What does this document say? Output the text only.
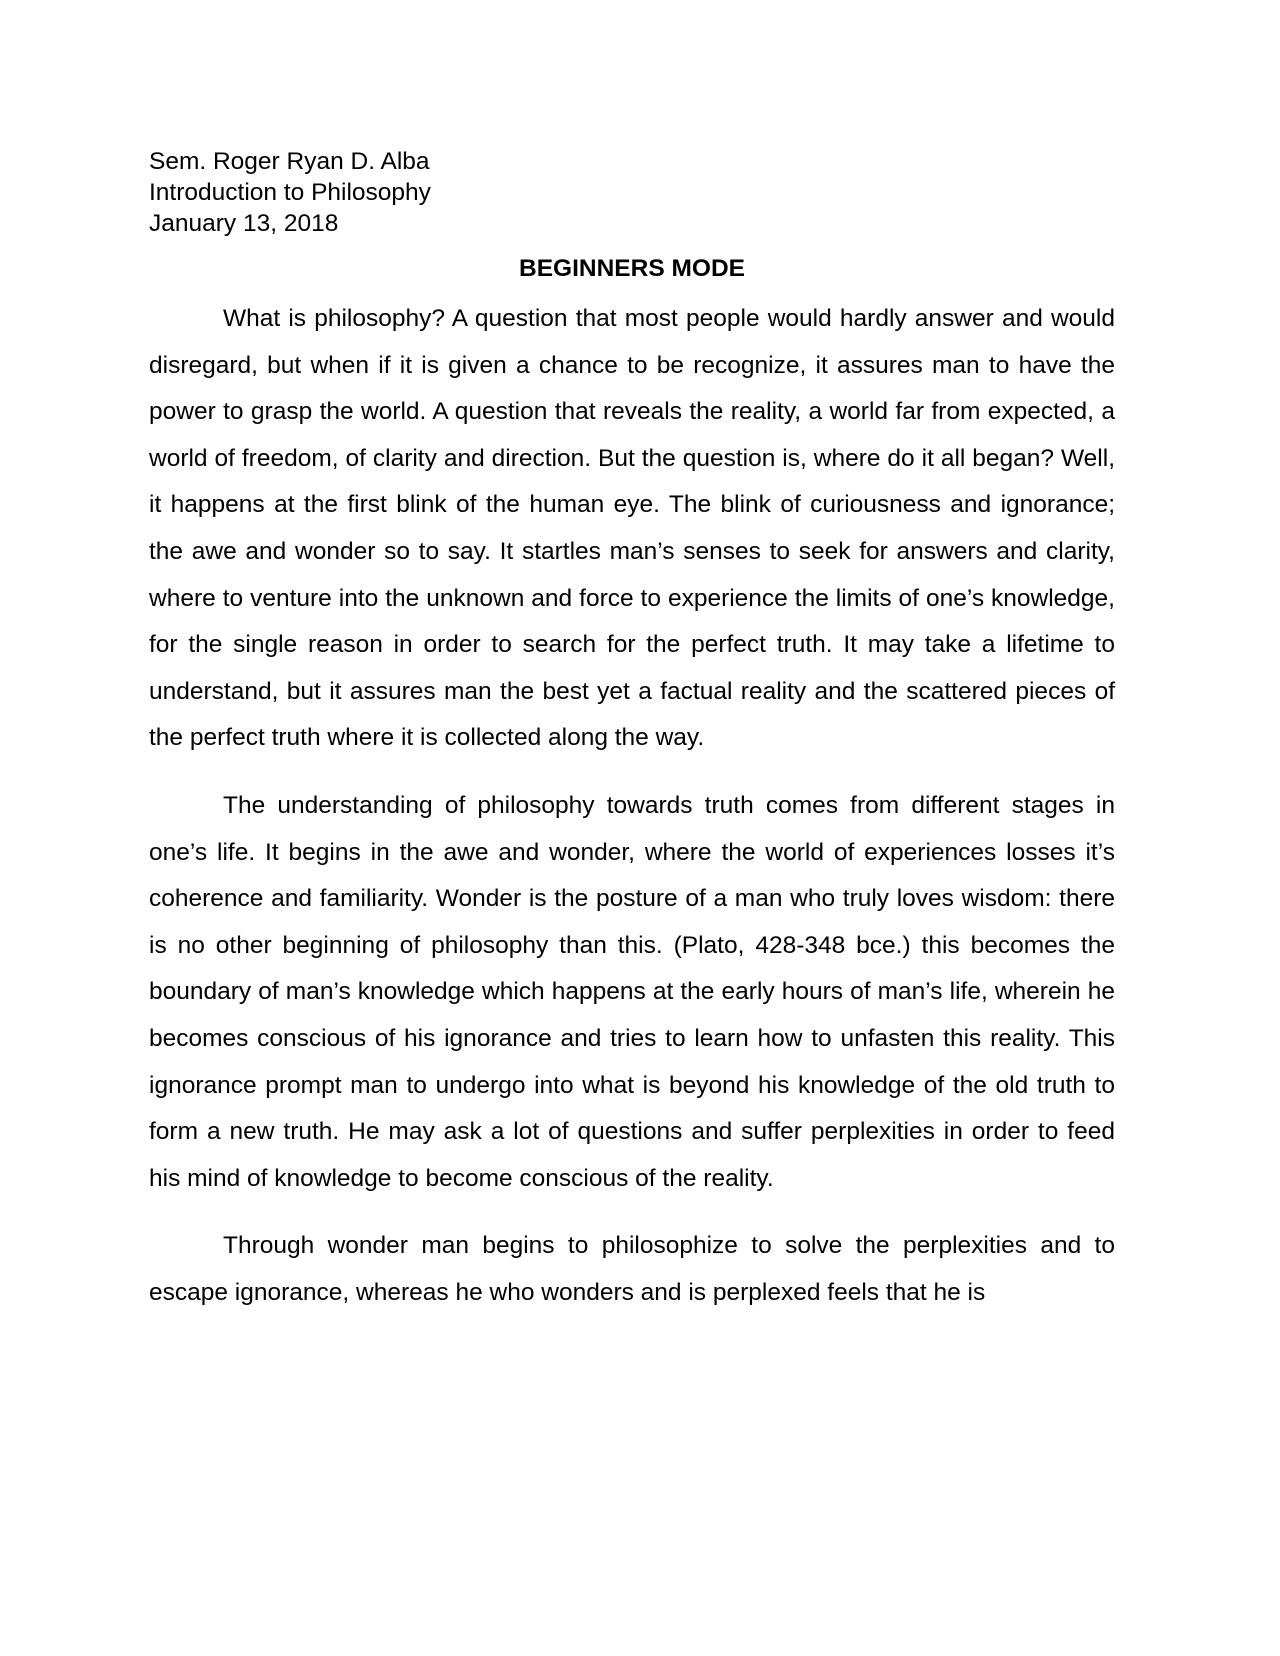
Sem. Roger Ryan D. Alba

Introduction to Philosophy

January 13, 2018

BEGINNERS MODE

What is philosophy? A question that most people would hardly answer and would disregard, but when if it is given a chance to be recognize, it assures man to have the power to grasp the world. A question that reveals the reality, a world far from expected, a world of freedom, of clarity and direction. But the question is, where do it all began? Well, it happens at the first blink of the human eye. The blink of curiousness and ignorance; the awe and wonder so to say. It startles man’s senses to seek for answers and clarity, where to venture into the unknown and force to experience the limits of one’s knowledge, for the single reason in order to search for the perfect truth. It may take a lifetime to understand, but it assures man the best yet a factual reality and the scattered pieces of the perfect truth where it is collected along the way.

The understanding of philosophy towards truth comes from different stages in one’s life. It begins in the awe and wonder, where the world of experiences losses it’s coherence and familiarity. Wonder is the posture of a man who truly loves wisdom: there is no other beginning of philosophy than this. (Plato, 428-348 bce.) this becomes the boundary of man’s knowledge which happens at the early hours of man’s life, wherein he becomes conscious of his ignorance and tries to learn how to unfasten this reality. This ignorance prompt man to undergo into what is beyond his knowledge of the old truth to form a new truth. He may ask a lot of questions and suffer perplexities in order to feed his mind of knowledge to become conscious of the reality.

Through wonder man begins to philosophize to solve the perplexities and to escape ignorance, whereas he who wonders and is perplexed feels that he is
